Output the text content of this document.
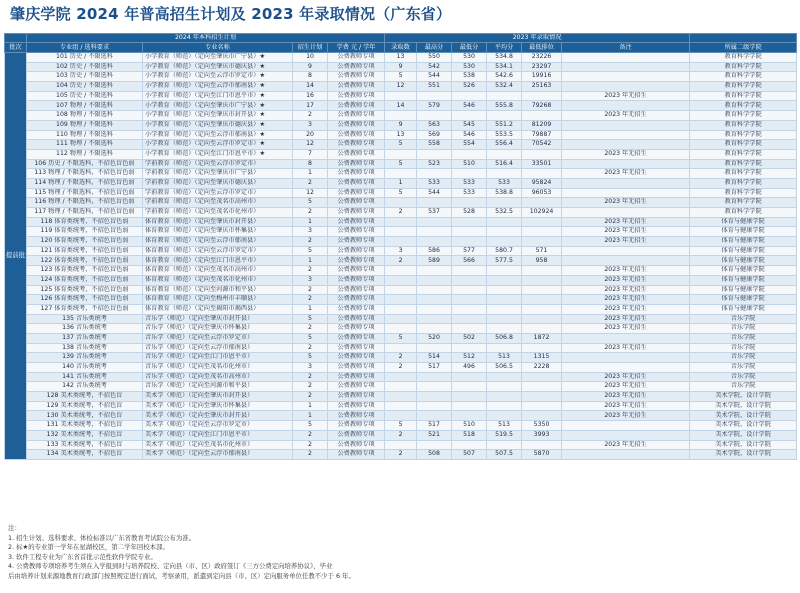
肇庆学院 2024 年普高招生计划及 2023 年录取情况（广东省）
	2024 年本科招生计划				2023 年录取情况						
批次	专业组 / 选科要求	专业名称	招生计划	学费 元 / 学年	录取数	最高分	最低分	平均分	最低排位	备注	所属二级学院
提前批	101 历史 / 不限选科	小学教育（师范）（定向至肇庆市广宁县）★	10	公费教师专项	13	550	530	534.8	23226		教育科学学院
	102 历史 / 不限选科	小学教育（师范）（定向至肇庆市德庆县）★	9	公费教师专项	9	542	530	534.1	23297		教育科学学院
	103 历史 / 不限选科	小学教育（师范）（定向至云浮市罗定市）★	8	公费教师专项	5	544	538	542.6	19916		教育科学学院
	104 历史 / 不限选科	小学教育（师范）（定向至云浮市郁南县）★	14	公费教师专项	12	551	526	532.4	25163		教育科学学院
	105 历史 / 不限选科	小学教育（师范）（定向至江门市恩平市）★	16	公费教师专项						2023 年无招生	教育科学学院
	107 物理 / 不限选科	小学教育（师范）（定向至肇庆市广宁县）★	17	公费教师专项	14	579	546	555.8	79268		教育科学学院
	108 物理 / 不限选科	小学教育（师范）（定向至肇庆市封开县）★	2	公费教师专项						2023 年无招生	教育科学学院
	109 物理 / 不限选科	小学教育（师范）（定向至肇庆市德庆县）★	3	公费教师专项	9	563	545	551.2	81209		教育科学学院
	110 物理 / 不限选科	小学教育（师范）（定向至云浮市郁南县）★	20	公费教师专项	13	569	546	553.5	79887		教育科学学院
	111 物理 / 不限选科	小学教育（师范）（定向至云浮市罗定市）★	12	公费教师专项	5	558	554	556.4	70542		教育科学学院
	112 物理 / 不限选科	小学教育（师范）（定向至江门市恩平市）★	7	公费教师专项						2023 年无招生	教育科学学院
	106 历史 / 不限选科，不招色盲色弱	学前教育（师范）（定向至云浮市罗定市）	8	公费教师专项	5	523	510	516.4	33501		教育科学学院
	113 物理 / 不限选科，不招色盲色弱	学前教育（师范）（定向至肇庆市广宁县）	1	公费教师专项						2023 年无招生	教育科学学院
	114 物理 / 不限选科，不招色盲色弱	学前教育（师范）（定向至肇庆市德庆县）	2	公费教师专项	1	533	533	533	95824		教育科学学院
	115 物理 / 不限选科，不招色盲色弱	学前教育（师范）（定向至云浮市罗定市）	12	公费教师专项	5	544	533	538.8	96053		教育科学学院
	116 物理 / 不限选科，不招色盲色弱	学前教育（师范）（定向至茂名市高州市）	5	公费教师专项						2023 年无招生	教育科学学院
	117 物理 / 不限选科，不招色盲色弱	学前教育（师范）（定向至茂名市化州市）	2	公费教师专项	2	537	528	532.5	102924		教育科学学院
	118 体育类统考，不招色盲色弱	体育教育（师范）（定向至肇庆市封开县）	1	公费教师专项						2023 年无招生	体育与健康学院
	119 体育类统考，不招色盲色弱	体育教育（师范）（定向至肇庆市怀集县）	3	公费教师专项						2023 年无招生	体育与健康学院
	120 体育类统考，不招色盲色弱	体育教育（师范）（定向至云浮市郁南县）	2	公费教师专项						2023 年无招生	体育与健康学院
	121 体育类统考，不招色盲色弱	体育教育（师范）（定向至云浮市罗定市）	5	公费教师专项	3	586	577	580.7	571		体育与健康学院
	122 体育类统考，不招色盲色弱	体育教育（师范）（定向至江门市恩平市）	1	公费教师专项	2	589	566	577.5	958		体育与健康学院
	123 体育类统考，不招色盲色弱	体育教育（师范）（定向至茂名市高州市）	2	公费教师专项						2023 年无招生	体育与健康学院
	124 体育类统考，不招色盲色弱	体育教育（师范）（定向至茂名市化州市）	3	公费教师专项						2023 年无招生	体育与健康学院
	125 体育类统考，不招色盲色弱	体育教育（师范）（定向至河源市和平县）	2	公费教师专项						2023 年无招生	体育与健康学院
	126 体育类统考，不招色盲色弱	体育教育（师范）（定向至梅州市丰顺县）	2	公费教师专项						2023 年无招生	体育与健康学院
	127 体育类统考，不招色盲色弱	体育教育（师范）（定向至揭阳市揭西县）	1	公费教师专项						2023 年无招生	体育与健康学院
	135 音乐类统考	音乐学（师范）（定向至肇庆市封开县）	5	公费教师专项						2023 年无招生	音乐学院
	136 音乐类统考	音乐学（师范）（定向至肇庆市怀集县）	2	公费教师专项						2023 年无招生	音乐学院
	137 音乐类统考	音乐学（师范）（定向至云浮市罗定市）	5	公费教师专项	5	520	502	506.8	1872		音乐学院
	138 音乐类统考	音乐学（师范）（定向至云浮市郁南县）	2	公费教师专项						2023 年无招生	音乐学院
	139 音乐类统考	音乐学（师范）（定向至江门市恩平市）	5	公费教师专项	2	514	512	513	1315		音乐学院
	140 音乐类统考	音乐学（师范）（定向至茂名市化州市）	3	公费教师专项	2	517	496	506.5	2228		音乐学院
	141 音乐类统考	音乐学（师范）（定向至茂名市高州市）	2	公费教师专项						2023 年无招生	音乐学院
	142 音乐类统考	音乐学（师范）（定向至河源市和平县）	2	公费教师专项						2023 年无招生	音乐学院
	128 美术类统考，不招色盲	美术学（师范）（定向至肇庆市封开县）	2	公费教师专项						2023 年无招生	美术学院、设计学院
	129 美术类统考，不招色盲	美术学（师范）（定向至肇庆市怀集县）	1	公费教师专项						2023 年无招生	美术学院、设计学院
	130 美术类统考，不招色盲	美术学（师范）（定向至肇庆市封开县）	1	公费教师专项						2023 年无招生	美术学院、设计学院
	131 美术类统考，不招色盲	美术学（师范）（定向至云浮市罗定市）	5	公费教师专项	5	517	510	513	5350		美术学院、设计学院
	132 美术类统考，不招色盲	美术学（师范）（定向至江门市恩平市）	2	公费教师专项	2	521	518	519.5	3993		美术学院、设计学院
	133 美术类统考，不招色盲	美术学（师范）（定向至茂名市化州市）	2	公费教师专项						2023 年无招生	美术学院、设计学院
	134 美术类统考，不招色盲	美术学（师范）（定向至云浮市郁南县）	2	公费教师专项	2	508	507	507.5	5870		美术学院、设计学院
注：
1. 招生计划、选科要求、体检标准以广东省教育考试院公布为准。
2. 标★的专业第一学年在星湖校区，第二学年回校本部。
3. 软件工程专业为广东省首批示范性软件学院专业。
4. 公费教师专项培养考生须在入学报到时与培养院校、定向县（市、区）政府签订《三方公费定向培养协议》，毕业
后由培养计划来源地教育行政部门按照规定进行面试，考察录用，派遣到定向县（市、区）定向服务单位任教不少于 6 年。
